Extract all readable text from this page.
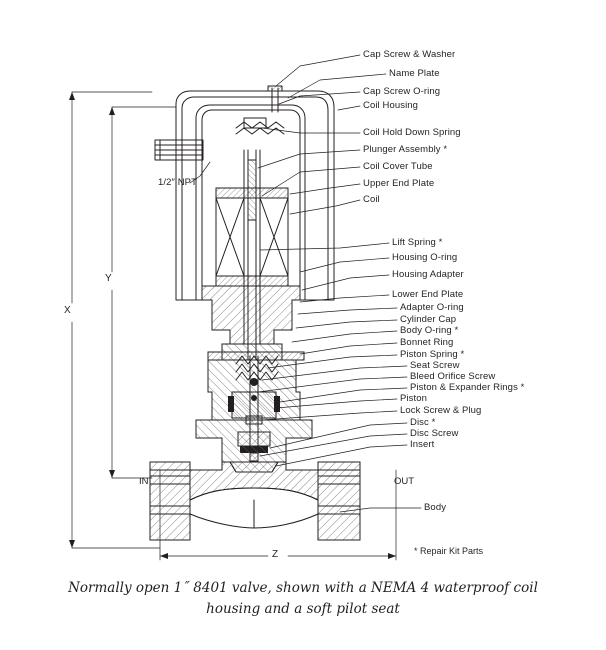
Cap Screw & Washer
Name Plate
Cap Screw O-ring
Coil Housing
Coil Hold Down Spring
Plunger Assembly *
Coil Cover Tube
Upper End Plate
Coil
Lift Spring *
Housing O-ring
Housing Adapter
Lower End Plate
Adapter O-ring
Cylinder Cap
Body O-ring *
Bonnet Ring
Piston Spring *
Seat Screw
Bleed Orifice Screw
Piston & Expander Rings *
Piston
Lock Screw & Plug
Disc *
Disc Screw
Insert
Body
1/2″ NPT
X
Y
Z
IN	OUT
* Repair Kit Parts
Normally open 1˝ 8401 valve, shown with a NEMA 4 waterproof coil
housing and a soft pilot seat
